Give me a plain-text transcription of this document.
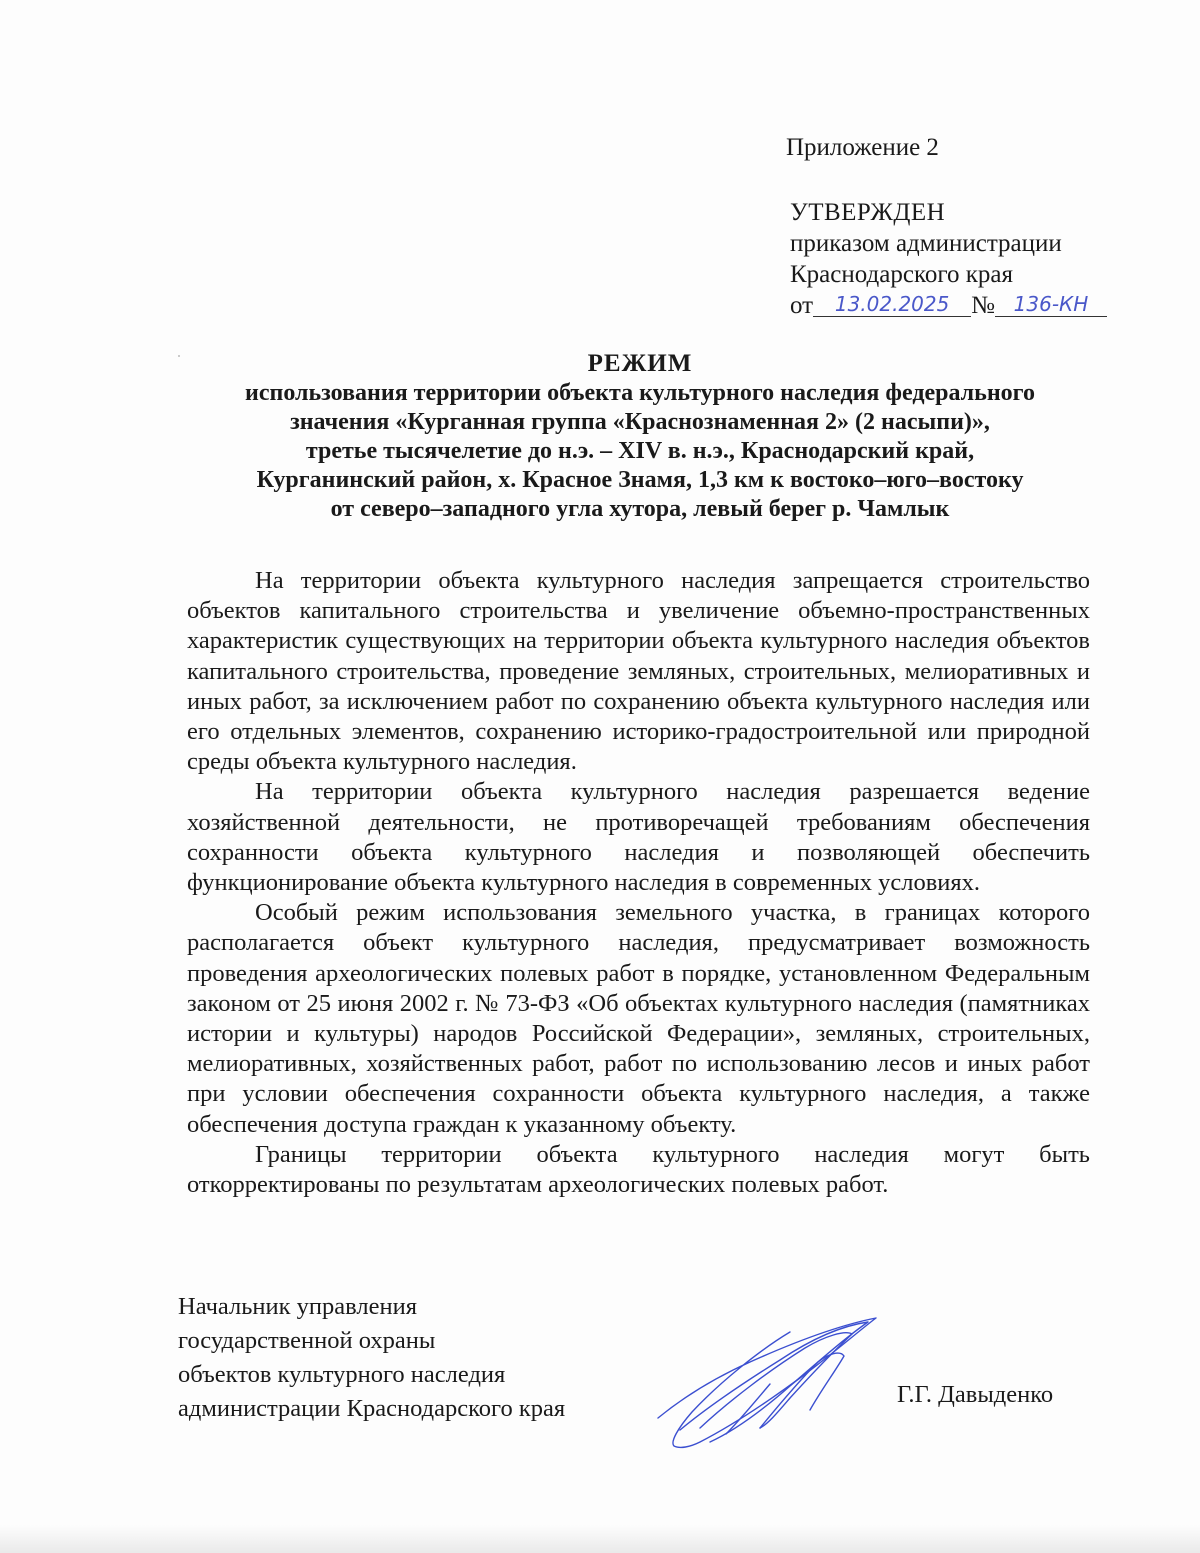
Приложение 2
УТВЕРЖДЕН
приказом администрации
Краснодарского края
от 13.02.2025 № 136-КН
РЕЖИМ
использования территории объекта культурного наследия федерального
значения «Курганная группа «Краснознаменная 2» (2 насыпи)»,
третье тысячелетие до н.э. – XIV в. н.э., Краснодарский край,
Курганинский район, х. Красное Знамя, 1,3 км к востоко–юго–востоку
от северо–западного угла хутора, левый берег р. Чамлык

На территории объекта культурного наследия запрещается строительство объектов капитального строительства и увеличение объемно-пространственных характеристик существующих на территории объекта культурного наследия объектов капитального строительства, проведение земляных, строительных, мелиоративных и иных работ, за исключением работ по сохранению объекта культурного наследия или его отдельных элементов, сохранению историко-градостроительной или природной среды объекта культурного наследия.

На территории объекта культурного наследия разрешается ведение хозяйственной деятельности, не противоречащей требованиям обеспечения сохранности объекта культурного наследия и позволяющей обеспечить функционирование объекта культурного наследия в современных условиях.

Особый режим использования земельного участка, в границах которого располагается объект культурного наследия, предусматривает возможность проведения археологических полевых работ в порядке, установленном Федеральным законом от 25 июня 2002 г. № 73-ФЗ «Об объектах культурного наследия (памятниках истории и культуры) народов Российской Федерации», земляных, строительных, мелиоративных, хозяйственных работ, работ по использованию лесов и иных работ при условии обеспечения сохранности объекта культурного наследия, а также обеспечения доступа граждан к указанному объекту.

Границы территории объекта культурного наследия могут быть откорректированы по результатам археологических полевых работ.

Начальник управления
государственной охраны
объектов культурного наследия
администрации Краснодарского края
Г.Г. Давыденко
